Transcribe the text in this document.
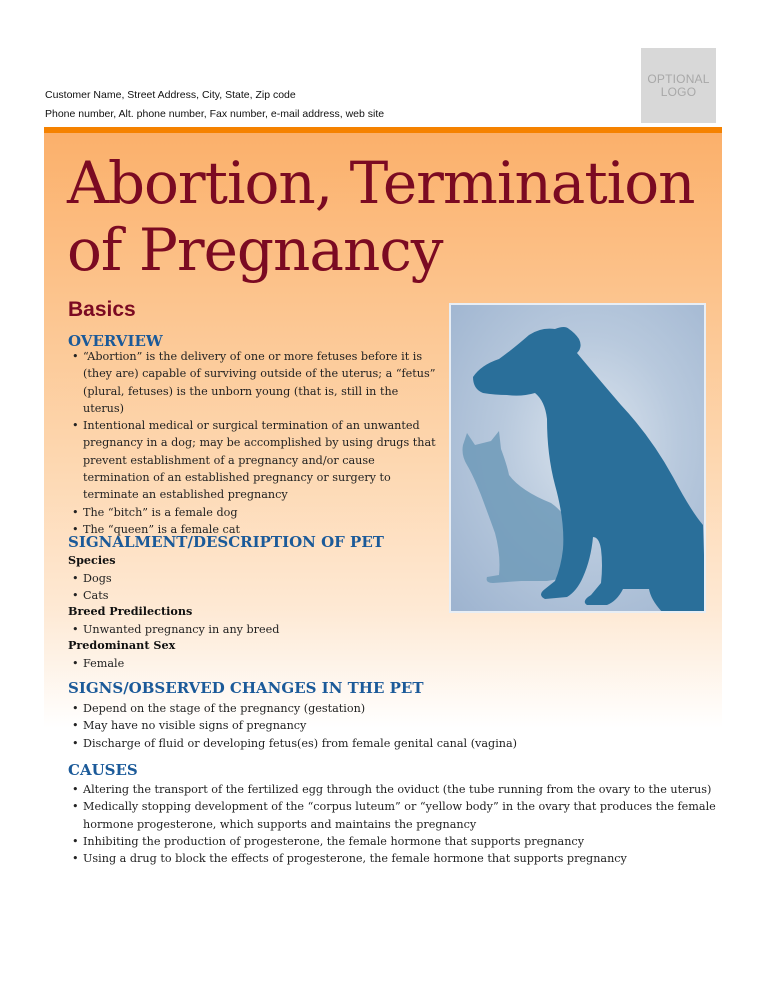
Customer Name, Street Address, City, State, Zip code
Phone number, Alt. phone number, Fax number, e-mail address, web site
OPTIONAL
LOGO
Abortion, Termination
of Pregnancy
Basics
OVERVIEW
• “Abortion” is the delivery of one or more fetuses before it is (they are) capable of surviving outside of the uterus; a “fetus” (plural, fetuses) is the unborn young (that is, still in the uterus)
• Intentional medical or surgical termination of an unwanted pregnancy in a dog; may be accomplished by using drugs that prevent establishment of a pregnancy and/or cause termination of an established pregnancy or surgery to terminate an established pregnancy
• The “bitch” is a female dog
• The “queen” is a female cat
SIGNALMENT/DESCRIPTION OF PET
Species
• Dogs
• Cats
Breed Predilections
• Unwanted pregnancy in any breed
Predominant Sex
• Female
SIGNS/OBSERVED CHANGES IN THE PET
• Depend on the stage of the pregnancy (gestation)
• May have no visible signs of pregnancy
• Discharge of fluid or developing fetus(es) from female genital canal (vagina)
CAUSES
• Altering the transport of the fertilized egg through the oviduct (the tube running from the ovary to the uterus)
• Medically stopping development of the “corpus luteum” or “yellow body” in the ovary that produces the female hormone progesterone, which supports and maintains the pregnancy
• Inhibiting the production of progesterone, the female hormone that supports pregnancy
• Using a drug to block the effects of progesterone, the female hormone that supports pregnancy
